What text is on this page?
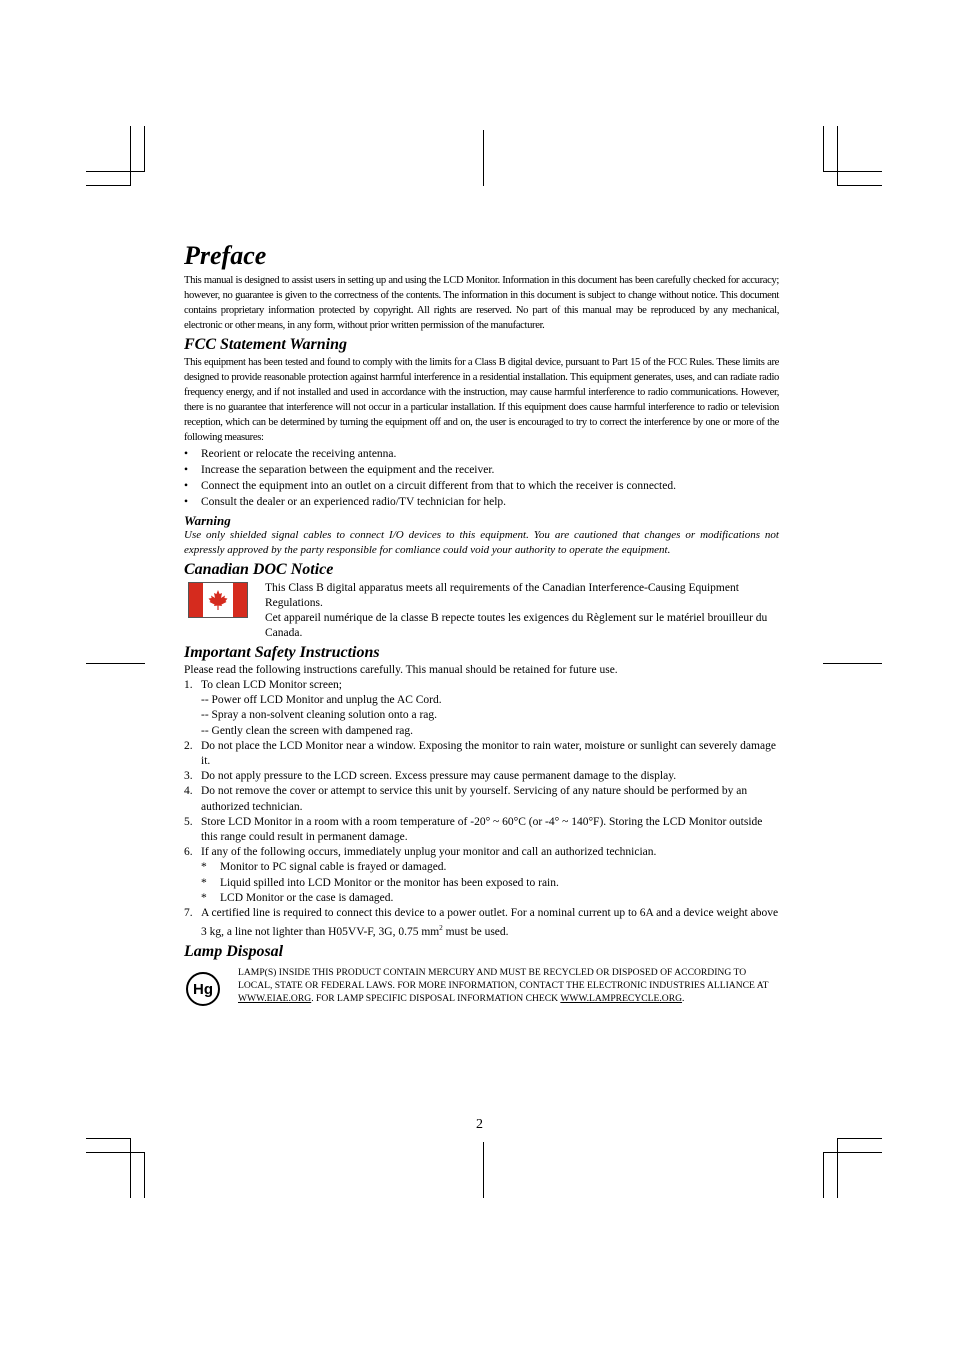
Preface

This manual is designed to assist users in setting up and using the LCD Monitor. Information in this document has been carefully checked for accuracy; however, no guarantee is given to the correctness of the contents. The information in this document is subject to change without notice. This document contains proprietary information protected by copyright. All rights are reserved. No part of this manual may be reproduced by any mechanical, electronic or other means, in any form, without prior written permission of the manufacturer.

FCC Statement Warning

This equipment has been tested and found to comply with the limits for a Class B digital device, pursuant to Part 15 of the FCC Rules. These limits are designed to provide reasonable protection against harmful interference in a residential installation. This equipment generates, uses, and can radiate radio frequency energy, and if not installed and used in accordance with the instruction, may cause harmful interference to radio communications. However, there is no guarantee that interference will not occur in a particular installation. If this equipment does cause harmful interference to radio or television reception, which can be determined by turning the equipment off and on, the user is encouraged to try to correct the interference by one or more of the following measures:

• Reorient or relocate the receiving antenna.
• Increase the separation between the equipment and the receiver.
• Connect the equipment into an outlet on a circuit different from that to which the receiver is connected.
• Consult the dealer or an experienced radio/TV technician for help.
Warning

Use only shielded signal cables to connect I/O devices to this equipment. You are cautioned that changes or modifications not expressly approved by the party responsible for comliance could void your authority to operate the equipment.

Canadian DOC Notice

This Class B digital apparatus meets all requirements of the Canadian Interference-Causing Equipment Regulations.

Cet appareil numérique de la classe B repecte toutes les exigences du Règlement sur le matériel brouilleur du Canada.

Important Safety Instructions

Please read the following instructions carefully. This manual should be retained for future use.

1. To clean LCD Monitor screen;
-- Power off LCD Monitor and unplug the AC Cord.
-- Spray a non-solvent cleaning solution onto a rag.
-- Gently clean the screen with dampened rag.
2. Do not place the LCD Monitor near a window. Exposing the monitor to rain water, moisture or sunlight can severely damage it.
3. Do not apply pressure to the LCD screen. Excess pressure may cause permanent damage to the display.
4. Do not remove the cover or attempt to service this unit by yourself. Servicing of any nature should be performed by an authorized technician.
5. Store LCD Monitor in a room with a room temperature of -20° ~ 60°C (or -4° ~ 140°F). Storing the LCD Monitor outside this range could result in permanent damage.
6. If any of the following occurs, immediately unplug your monitor and call an authorized technician.
* Monitor to PC signal cable is frayed or damaged.
* Liquid spilled into LCD Monitor or the monitor has been exposed to rain.
* LCD Monitor or the case is damaged.
7. A certified line is required to connect this device to a power outlet. For a nominal current up to 6A and a device weight above 3 kg, a line not lighter than H05VV-F, 3G, 0.75 $mm^2$ must be used.
Lamp Disposal
Hg
LAMP(S) INSIDE THIS PRODUCT CONTAIN MERCURY AND MUST BE RECYCLED OR DISPOSED OF ACCORDING TO LOCAL, STATE OR FEDERAL LAWS. FOR MORE INFORMATION, CONTACT THE ELECTRONIC INDUSTRIES ALLIANCE AT WWW.EIAE.ORG. FOR LAMP SPECIFIC DISPOSAL INFORMATION CHECK WWW.LAMPRECYCLE.ORG.
2
